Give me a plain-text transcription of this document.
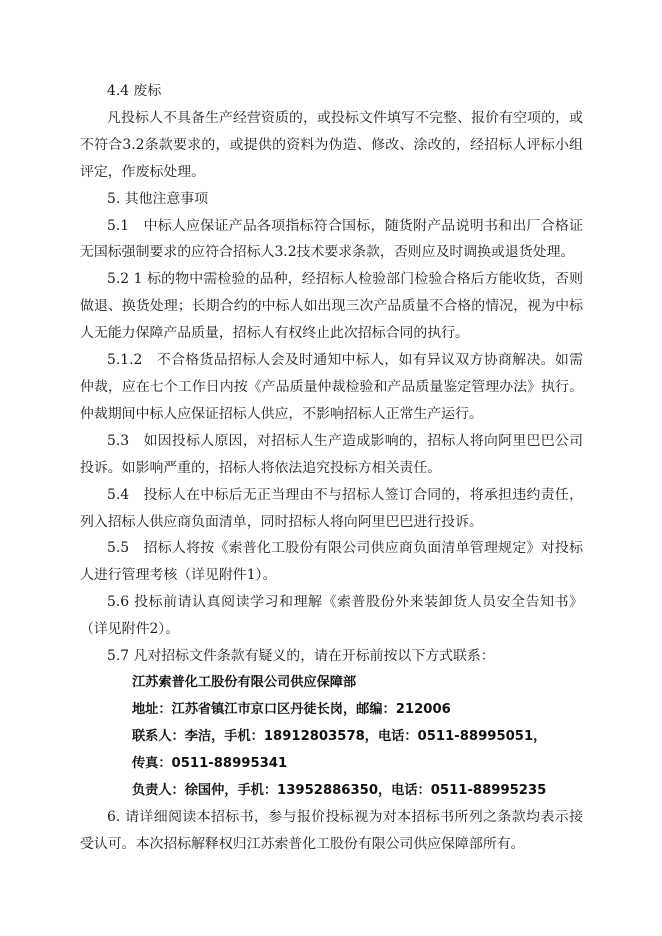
4.4 废标

凡投标人不具备生产经营资质的，或投标文件填写不完整、报价有空项的，或不符合3.2条款要求的，或提供的资料为伪造、修改、涂改的，经招标人评标小组评定，作废标处理。

5. 其他注意事项

5.1　中标人应保证产品各项指标符合国标，随货附产品说明书和出厂合格证无国标强制要求的应符合招标人3.2技术要求条款，否则应及时调换或退货处理。

5.2 1 标的物中需检验的品种，经招标人检验部门检验合格后方能收货，否则做退、换货处理；长期合约的中标人如出现三次产品质量不合格的情况，视为中标人无能力保障产品质量，招标人有权终止此次招标合同的执行。

5.1.2　不合格货品招标人会及时通知中标人，如有异议双方协商解决。如需仲裁，应在七个工作日内按《产品质量仲裁检验和产品质量鉴定管理办法》执行。仲裁期间中标人应保证招标人供应，不影响招标人正常生产运行。

5.3　如因投标人原因，对招标人生产造成影响的，招标人将向阿里巴巴公司投诉。如影响严重的，招标人将依法追究投标方相关责任。

5.4　投标人在中标后无正当理由不与招标人签订合同的，将承担违约责任，列入招标人供应商负面清单，同时招标人将向阿里巴巴进行投诉。

5.5　招标人将按《索普化工股份有限公司供应商负面清单管理规定》对投标人进行管理考核（详见附件1）。

5.6 投标前请认真阅读学习和理解《索普股份外来装卸货人员安全告知书》（详见附件2）。

5.7 凡对招标文件条款有疑义的，请在开标前按以下方式联系：

江苏索普化工股份有限公司供应保障部

地址：江苏省镇江市京口区丹徒长岗，邮编：212006

联系人：李洁，手机：18912803578，电话：0511-88995051，

传真：0511-88995341

负责人：徐国仲，手机：13952886350，电话：0511-88995235

6. 请详细阅读本招标书，参与报价投标视为对本招标书所列之条款均表示接受认可。本次招标解释权归江苏索普化工股份有限公司供应保障部所有。
